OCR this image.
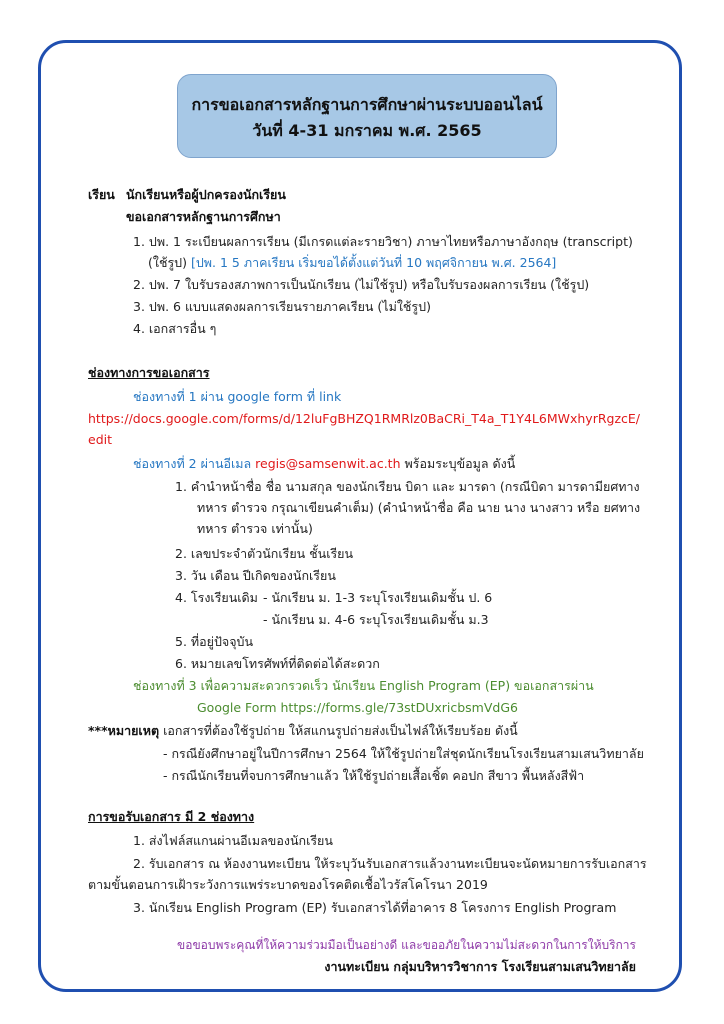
การขอเอกสารหลักฐานการศึกษาผ่านระบบออนไลน์
วันที่ 4-31 มกราคม พ.ศ. 2565
เรียน นักเรียนหรือผู้ปกครองนักเรียน
ขอเอกสารหลักฐานการศึกษา
1. ปพ. 1 ระเบียนผลการเรียน (มีเกรดแต่ละรายวิชา) ภาษาไทยหรือภาษาอังกฤษ (transcript)
(ใช้รูป) [ปพ. 1 5 ภาคเรียน เริ่มขอได้ตั้งแต่วันที่ 10 พฤศจิกายน พ.ศ. 2564]
2. ปพ. 7 ใบรับรองสภาพการเป็นนักเรียน (ไม่ใช้รูป) หรือใบรับรองผลการเรียน (ใช้รูป)
3. ปพ. 6 แบบแสดงผลการเรียนรายภาคเรียน (ไม่ใช้รูป)
4. เอกสารอื่น ๆ
ช่องทางการขอเอกสาร
ช่องทางที่ 1 ผ่าน google form ที่ link
https://docs.google.com/forms/d/12luFgBHZQ1RMRlz0BaCRi_T4a_T1Y4L6MWxhyrRgzcE/
edit
ช่องทางที่ 2 ผ่านอีเมล regis@samsenwit.ac.th พร้อมระบุข้อมูล ดังนี้
1. คำนำหน้าชื่อ ชื่อ นามสกุล ของนักเรียน บิดา และ มารดา (กรณีบิดา มารดามียศทาง
ทหาร ตำรวจ กรุณาเขียนคำเต็ม) (คำนำหน้าชื่อ คือ นาย นาง นางสาว หรือ ยศทาง
ทหาร ตำรวจ เท่านั้น)
2. เลขประจำตัวนักเรียน ชั้นเรียน
3. วัน เดือน ปีเกิดของนักเรียน
4. โรงเรียนเดิม - นักเรียน ม. 1-3 ระบุโรงเรียนเดิมชั้น ป. 6
- นักเรียน ม. 4-6 ระบุโรงเรียนเดิมชั้น ม.3
5. ที่อยู่ปัจจุบัน
6. หมายเลขโทรศัพท์ที่ติดต่อได้สะดวก
ช่องทางที่ 3 เพื่อความสะดวกรวดเร็ว นักเรียน English Program (EP) ขอเอกสารผ่าน
Google Form https://forms.gle/73stDUxricbsmVdG6
***หมายเหตุ เอกสารที่ต้องใช้รูปถ่าย ให้สแกนรูปถ่ายส่งเป็นไฟล์ให้เรียบร้อย ดังนี้
- กรณียังศึกษาอยู่ในปีการศึกษา 2564 ให้ใช้รูปถ่ายใส่ชุดนักเรียนโรงเรียนสามเสนวิทยาลัย
- กรณีนักเรียนที่จบการศึกษาแล้ว ให้ใช้รูปถ่ายเสื้อเชิ้ต คอปก สีขาว พื้นหลังสีฟ้า
การขอรับเอกสาร มี 2 ช่องทาง
1. ส่งไฟล์สแกนผ่านอีเมลของนักเรียน
2. รับเอกสาร ณ ห้องงานทะเบียน ให้ระบุวันรับเอกสารแล้วงานทะเบียนจะนัดหมายการรับเอกสาร
ตามขั้นตอนการเฝ้าระวังการแพร่ระบาดของโรคติดเชื้อไวรัสโคโรนา 2019
3. นักเรียน English Program (EP) รับเอกสารได้ที่อาคาร 8 โครงการ English Program
ขอขอบพระคุณที่ให้ความร่วมมือเป็นอย่างดี และขออภัยในความไม่สะดวกในการให้บริการ
งานทะเบียน กลุ่มบริหารวิชาการ โรงเรียนสามเสนวิทยาลัย
